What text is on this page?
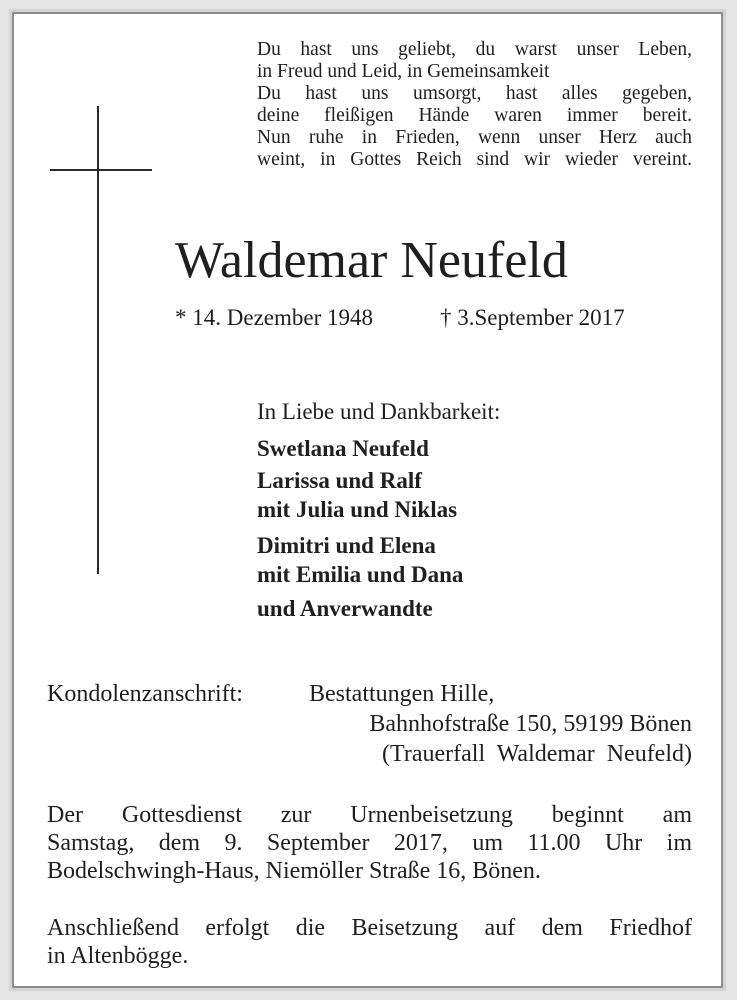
Du hast uns geliebt, du warst unser Leben,
in Freud und Leid, in Gemeinsamkeit
Du hast uns umsorgt, hast alles gegeben,
deine fleißigen Hände waren immer bereit.
Nun ruhe in Frieden, wenn unser Herz auch
weint, in Gottes Reich sind wir wieder vereint.
Waldemar Neufeld
* 14. Dezember 1948	† 3.September 2017
In Liebe und Dankbarkeit:
Swetlana Neufeld
Larissa und Ralf
mit Julia und Niklas
Dimitri und Elena
mit Emilia und Dana
und Anverwandte
Kondolenzanschrift:	Bestattungen Hille,
Bahnhofstraße 150, 59199 Bönen
(Trauerfall  Waldemar  Neufeld)
Der Gottesdienst zur Urnenbeisetzung beginnt am
Samstag, dem 9. September 2017, um 11.00 Uhr im
Bodelschwingh-Haus, Niemöller Straße 16, Bönen.
Anschließend erfolgt die Beisetzung auf dem Friedhof
in Altenbögge.
